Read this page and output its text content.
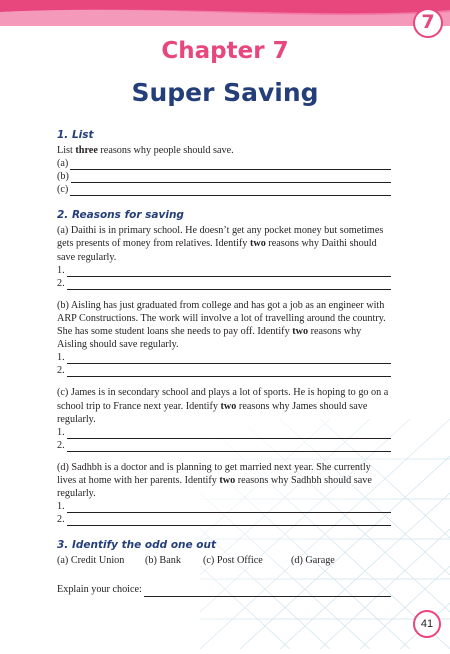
7
Chapter 7
Super Saving
1. List

List three reasons why people should save.

(a)
(b)
(c)
2. Reasons for saving

(a) Daithi is in primary school. He doesn’t get any pocket money but sometimes gets presents of money from relatives. Identify two reasons why Daithi should save regularly.

1.
2.

(b) Aisling has just graduated from college and has got a job as an engineer with ARP Constructions. The work will involve a lot of travelling around the country. She has some student loans she needs to pay off. Identify two reasons why Aisling should save regularly.

1.
2.

(c) James is in secondary school and plays a lot of sports. He is hoping to go on a school trip to France next year. Identify two reasons why James should save regularly.

1.
2.

(d) Sadhbh is a doctor and is planning to get married next year. She currently lives at home with her parents. Identify two reasons why Sadhbh should save regularly.

1.
2.
3. Identify the odd one out
(a) Credit Union	(b) Bank	(c) Post Office	(d) Garage
Explain your choice:
41
